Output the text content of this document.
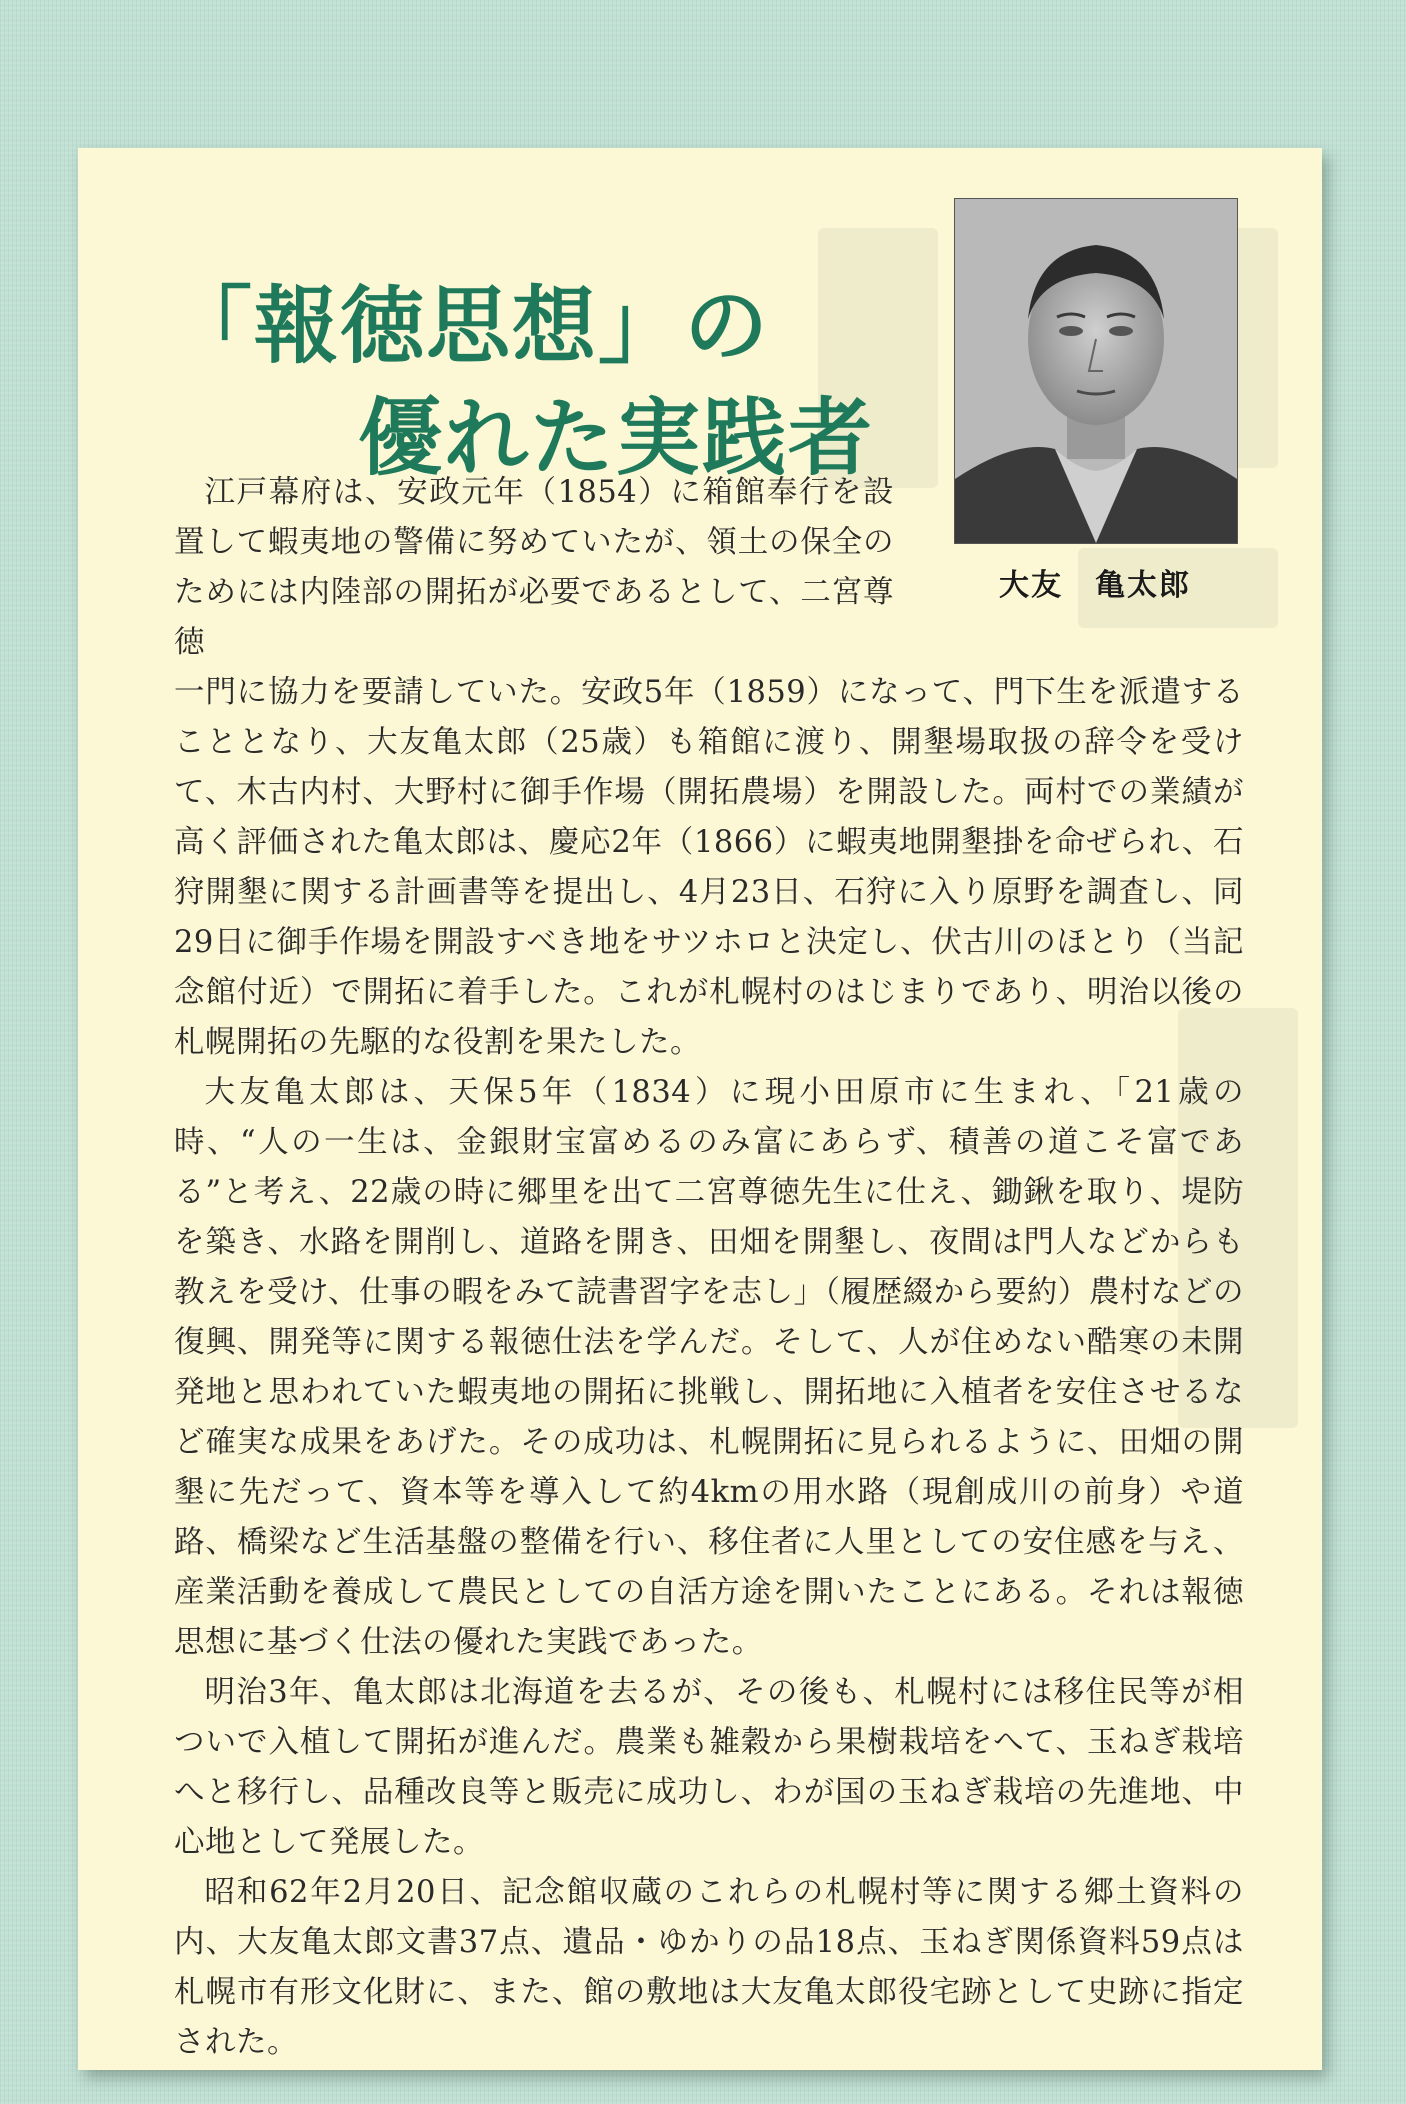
「報徳思想」の
優れた実践者
大友　亀太郎

江戸幕府は、安政元年（1854）に箱館奉行を設置して蝦夷地の警備に努めていたが、領土の保全のためには内陸部の開拓が必要であるとして、二宮尊徳

一門に協力を要請していた。安政5年（1859）になって、門下生を派遣することとなり、大友亀太郎（25歳）も箱館に渡り、開墾場取扱の辞令を受けて、木古内村、大野村に御手作場（開拓農場）を開設した。両村での業績が高く評価された亀太郎は、慶応2年（1866）に蝦夷地開墾掛を命ぜられ、石狩開墾に関する計画書等を提出し、4月23日、石狩に入り原野を調査し、同29日に御手作場を開設すべき地をサツホロと決定し、伏古川のほとり（当記念館付近）で開拓に着手した。これが札幌村のはじまりであり、明治以後の札幌開拓の先駆的な役割を果たした。

大友亀太郎は、天保5年（1834）に現小田原市に生まれ、「21歳の時、“人の一生は、金銀財宝富めるのみ富にあらず、積善の道こそ富である”と考え、22歳の時に郷里を出て二宮尊徳先生に仕え、鋤鍬を取り、堤防を築き、水路を開削し、道路を開き、田畑を開墾し、夜間は門人などからも教えを受け、仕事の暇をみて読書習字を志し」（履歴綴から要約）農村などの復興、開発等に関する報徳仕法を学んだ。そして、人が住めない酷寒の未開発地と思われていた蝦夷地の開拓に挑戦し、開拓地に入植者を安住させるなど確実な成果をあげた。その成功は、札幌開拓に見られるように、田畑の開墾に先だって、資本等を導入して約4kmの用水路（現創成川の前身）や道路、橋梁など生活基盤の整備を行い、移住者に人里としての安住感を与え、産業活動を養成して農民としての自活方途を開いたことにある。それは報徳思想に基づく仕法の優れた実践であった。

明治3年、亀太郎は北海道を去るが、その後も、札幌村には移住民等が相ついで入植して開拓が進んだ。農業も雑穀から果樹栽培をへて、玉ねぎ栽培へと移行し、品種改良等と販売に成功し、わが国の玉ねぎ栽培の先進地、中心地として発展した。

昭和62年2月20日、記念館収蔵のこれらの札幌村等に関する郷土資料の内、大友亀太郎文書37点、遺品・ゆかりの品18点、玉ねぎ関係資料59点は札幌市有形文化財に、また、館の敷地は大友亀太郎役宅跡として史跡に指定された。
